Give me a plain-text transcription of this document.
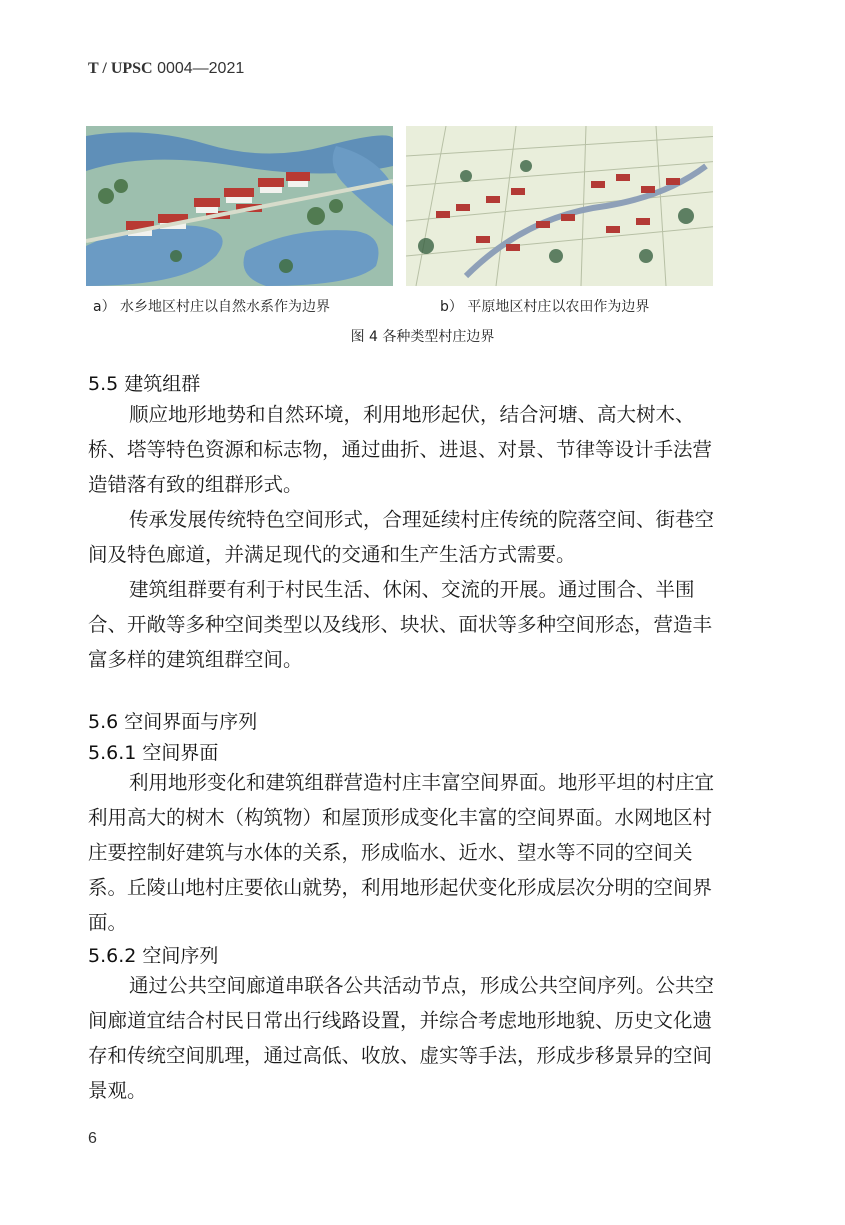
T / UPSC 0004—2021
a） 水乡地区村庄以自然水系作为边界	b） 平原地区村庄以农田作为边界
图 4 各种类型村庄边界
5.5 建筑组群
顺应地形地势和自然环境，利用地形起伏，结合河塘、高大树木、桥、塔等特色资源和标志物，通过曲折、进退、对景、节律等设计手法营造错落有致的组群形式。
传承发展传统特色空间形式，合理延续村庄传统的院落空间、街巷空间及特色廊道，并满足现代的交通和生产生活方式需要。
建筑组群要有利于村民生活、休闲、交流的开展。通过围合、半围合、开敞等多种空间类型以及线形、块状、面状等多种空间形态，营造丰富多样的建筑组群空间。
5.6 空间界面与序列
5.6.1 空间界面
利用地形变化和建筑组群营造村庄丰富空间界面。地形平坦的村庄宜利用高大的树木（构筑物）和屋顶形成变化丰富的空间界面。水网地区村庄要控制好建筑与水体的关系，形成临水、近水、望水等不同的空间关系。丘陵山地村庄要依山就势，利用地形起伏变化形成层次分明的空间界面。
5.6.2 空间序列
通过公共空间廊道串联各公共活动节点，形成公共空间序列。公共空间廊道宜结合村民日常出行线路设置，并综合考虑地形地貌、历史文化遗存和传统空间肌理，通过高低、收放、虚实等手法，形成步移景异的空间景观。
6
